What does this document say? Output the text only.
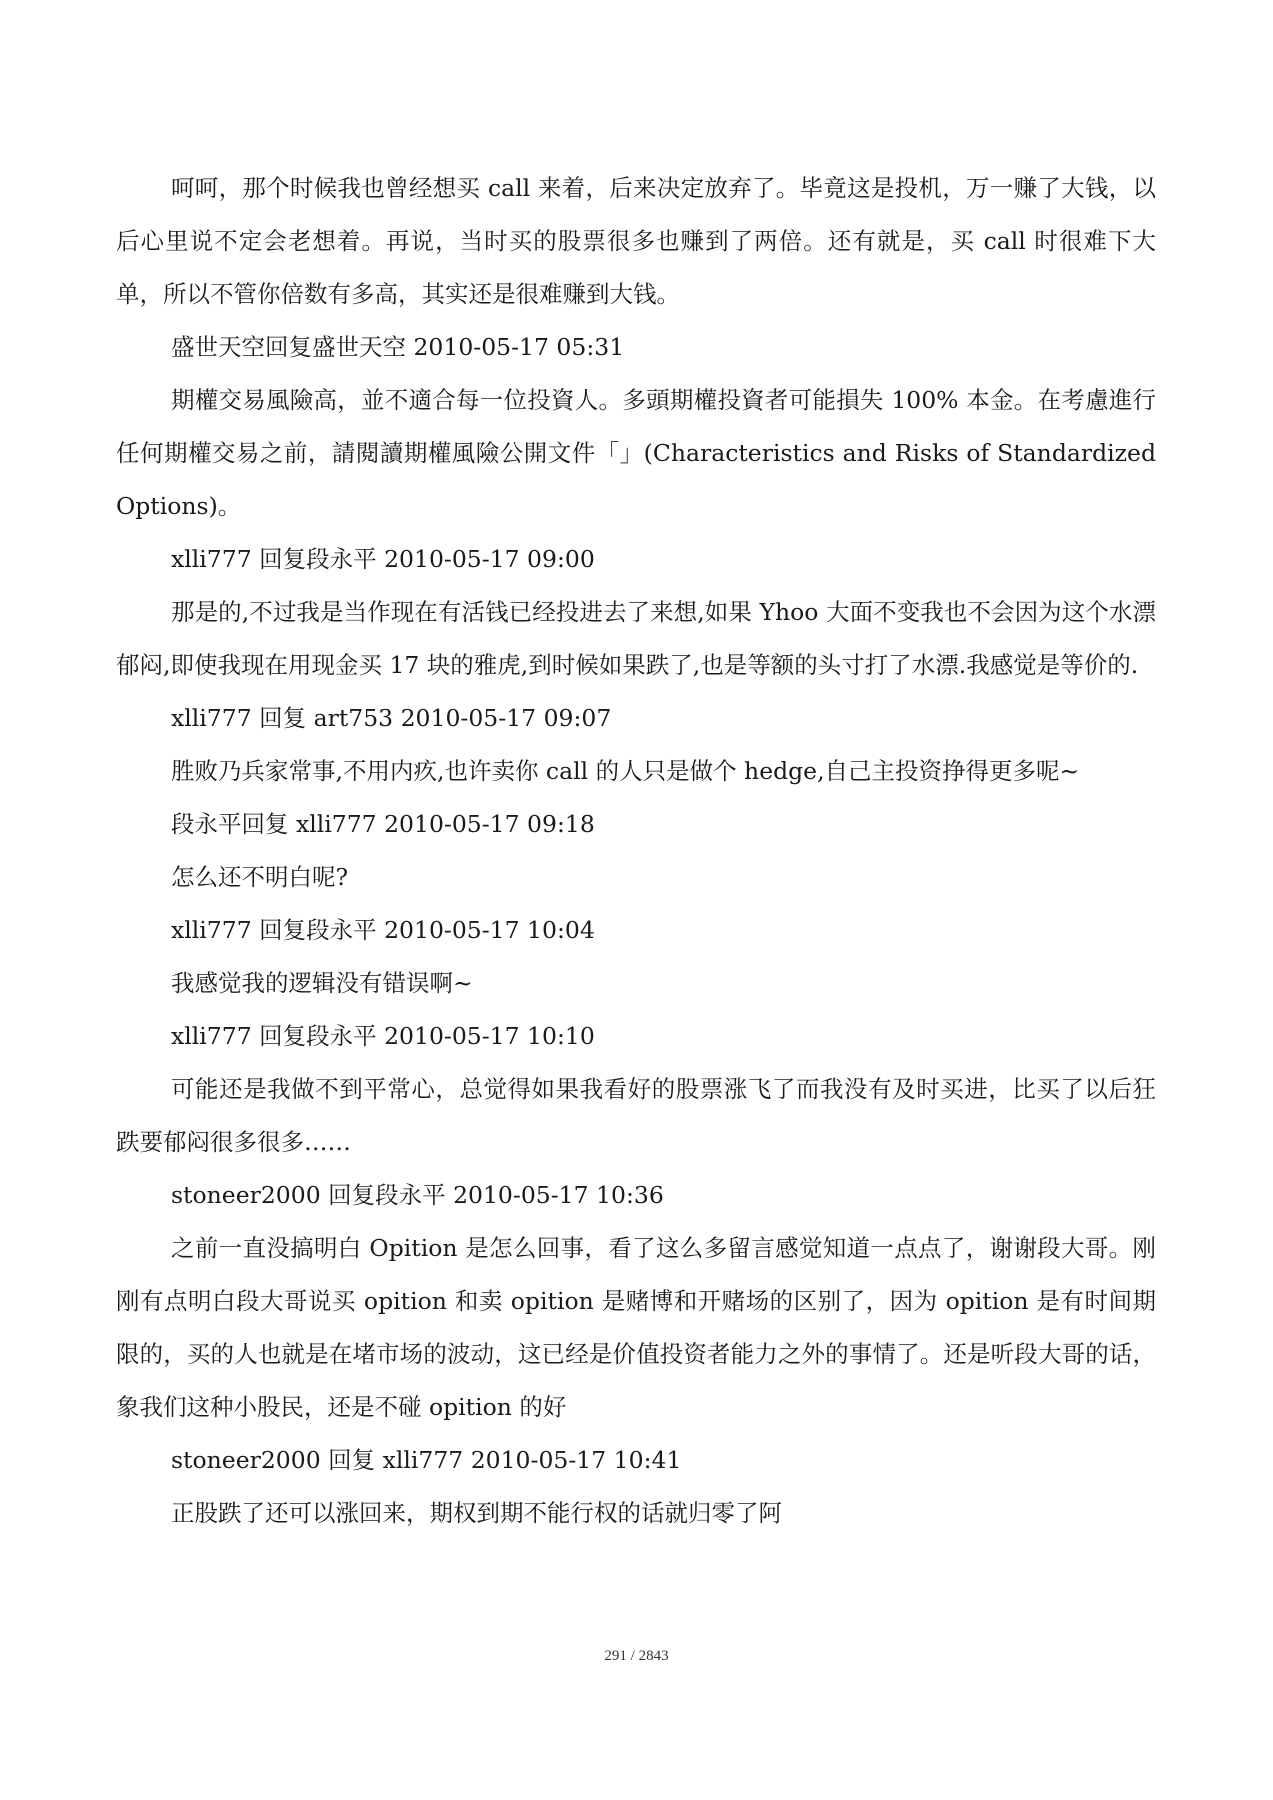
呵呵，那个时候我也曾经想买 call 来着，后来决定放弃了。毕竟这是投机，万一赚了大钱，以后心里说不定会老想着。再说，当时买的股票很多也赚到了两倍。还有就是，买 call 时很难下大单，所以不管你倍数有多高，其实还是很难赚到大钱。

盛世天空回复盛世天空 2010-05-17 05:31

期權交易風險高，並不適合每一位投資人。多頭期權投資者可能損失 100% 本金。在考慮進行任何期權交易之前，請閱讀期權風險公開文件「」(Characteristics and Risks of Standardized Options)。

xlli777 回复段永平 2010-05-17 09:00

那是的,不过我是当作现在有活钱已经投进去了来想,如果 Yhoo 大面不变我也不会因为这个水漂郁闷,即使我现在用现金买 17 块的雅虎,到时候如果跌了,也是等额的头寸打了水漂.我感觉是等价的.

xlli777 回复 art753 2010-05-17 09:07

胜败乃兵家常事,不用内疚,也许卖你 call 的人只是做个 hedge,自己主投资挣得更多呢~

段永平回复 xlli777 2010-05-17 09:18

怎么还不明白呢?

xlli777 回复段永平 2010-05-17 10:04

我感觉我的逻辑没有错误啊~

xlli777 回复段永平 2010-05-17 10:10

可能还是我做不到平常心，总觉得如果我看好的股票涨飞了而我没有及时买进，比买了以后狂跌要郁闷很多很多……

stoneer2000 回复段永平 2010-05-17 10:36

之前一直没搞明白 Opition 是怎么回事，看了这么多留言感觉知道一点点了，谢谢段大哥。刚刚有点明白段大哥说买 opition 和卖 opition 是赌博和开赌场的区别了，因为 opition 是有时间期限的，买的人也就是在堵市场的波动，这已经是价值投资者能力之外的事情了。还是听段大哥的话，象我们这种小股民，还是不碰 opition 的好

stoneer2000 回复 xlli777 2010-05-17 10:41

正股跌了还可以涨回来，期权到期不能行权的话就归零了阿

291 / 2843
